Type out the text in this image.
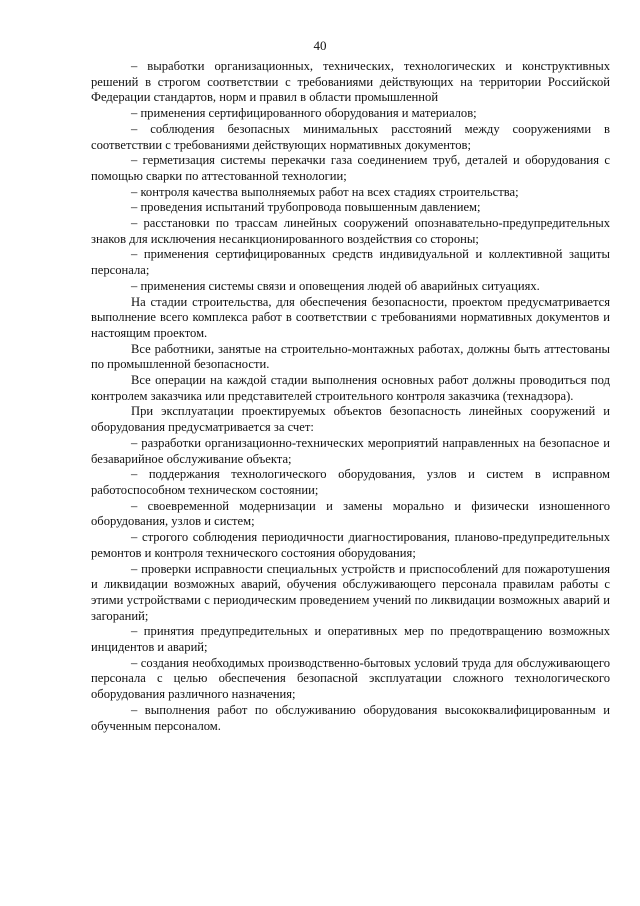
40

– выработки организационных, технических, технологических и конструктивных решений в строгом соответствии с требованиями действующих на территории Российской Федерации стандартов, норм и правил в области промышленной

– применения сертифицированного оборудования и материалов;

– соблюдения безопасных минимальных расстояний между сооружениями в соответствии с требованиями действующих нормативных документов;

– герметизация системы перекачки газа соединением труб, деталей и оборудования с помощью сварки по аттестованной технологии;

– контроля качества выполняемых работ на всех стадиях строительства;

– проведения испытаний трубопровода повышенным давлением;

– расстановки по трассам линейных сооружений опознавательно-предупредительных знаков для исключения несанкционированного воздействия со стороны;

– применения сертифицированных средств индивидуальной и коллективной защиты персонала;

– применения системы связи и оповещения людей об аварийных ситуациях.

На стадии строительства, для обеспечения безопасности, проектом предусматривается выполнение всего комплекса работ в соответствии с требованиями нормативных документов и настоящим проектом.

Все работники, занятые на строительно-монтажных работах, должны быть аттестованы по промышленной безопасности.

Все операции на каждой стадии выполнения основных работ должны проводиться под контролем заказчика или представителей строительного контроля заказчика (технадзора).

При эксплуатации проектируемых объектов безопасность линейных сооружений и оборудования предусматривается за счет:

– разработки организационно-технических мероприятий направленных на безопасное и безаварийное обслуживание объекта;

– поддержания технологического оборудования, узлов и систем в исправном работоспособном техническом состоянии;

– своевременной модернизации и замены морально и физически изношенного оборудования, узлов и систем;

– строгого соблюдения периодичности диагностирования, планово-предупредительных ремонтов и контроля технического состояния оборудования;

– проверки исправности специальных устройств и приспособлений для пожаротушения и ликвидации возможных аварий, обучения обслуживающего персонала правилам работы с этими устройствами с периодическим проведением учений по ликвидации возможных аварий и загораний;

– принятия предупредительных и оперативных мер по предотвращению возможных инцидентов и аварий;

– создания необходимых производственно-бытовых условий труда для обслуживающего персонала с целью обеспечения безопасной эксплуатации сложного технологического оборудования различного назначения;

– выполнения работ по обслуживанию оборудования высококвалифицированным и обученным персоналом.
